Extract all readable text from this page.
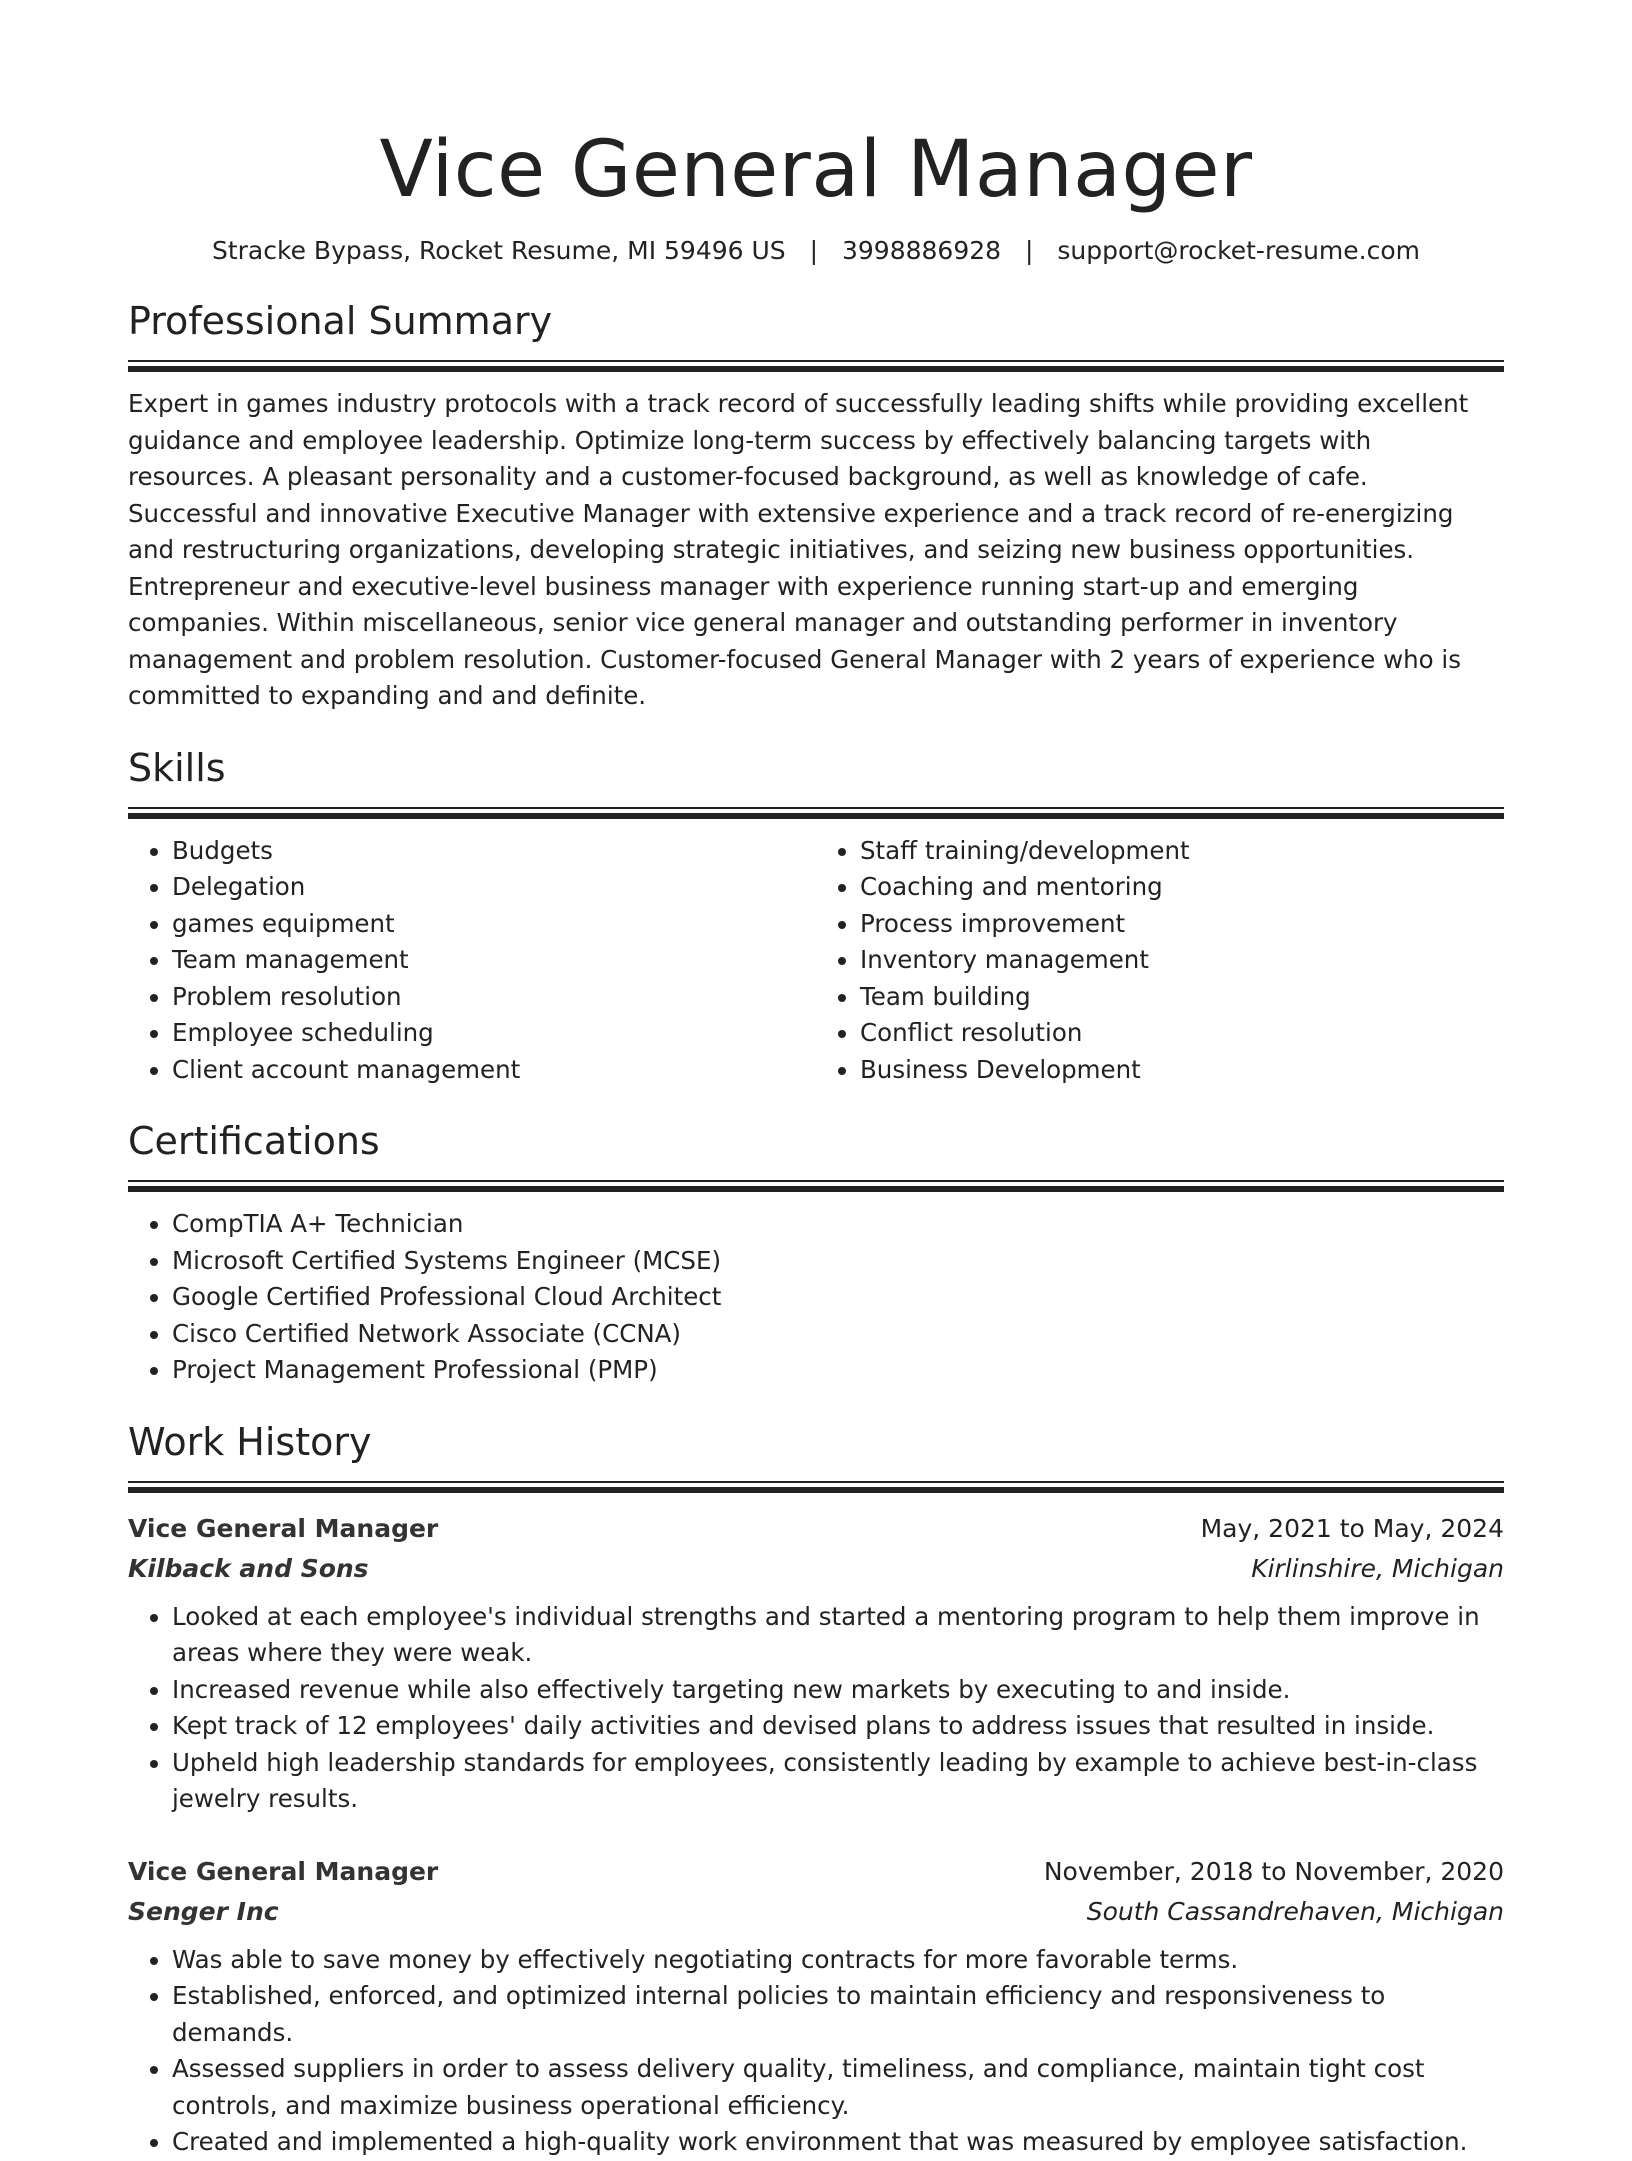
Vice General Manager
Stracke Bypass, Rocket Resume, MI 59496 US | 3998886928 | support@rocket-resume.com
Professional Summary

Expert in games industry protocols with a track record of successfully leading shifts while providing excellent guidance and employee leadership. Optimize long-term success by effectively balancing targets with resources. A pleasant personality and a customer-focused background, as well as knowledge of cafe. Successful and innovative Executive Manager with extensive experience and a track record of re-energizing and restructuring organizations, developing strategic initiatives, and seizing new business opportunities. Entrepreneur and executive-level business manager with experience running start-up and emerging companies. Within miscellaneous, senior vice general manager and outstanding performer in inventory management and problem resolution. Customer-focused General Manager with 2 years of experience who is committed to expanding and and definite.

Skills
• Budgets
• Delegation
• games equipment
• Team management
• Problem resolution
• Employee scheduling
• Client account management
• Staff training/development
• Coaching and mentoring
• Process improvement
• Inventory management
• Team building
• Conflict resolution
• Business Development
Certifications
• CompTIA A+ Technician
• Microsoft Certified Systems Engineer (MCSE)
• Google Certified Professional Cloud Architect
• Cisco Certified Network Associate (CCNA)
• Project Management Professional (PMP)
Work History
Vice General Manager	May, 2021 to May, 2024
Kilback and Sons	Kirlinshire, Michigan
• Looked at each employee's individual strengths and started a mentoring program to help them improve in areas where they were weak.
• Increased revenue while also effectively targeting new markets by executing to and inside.
• Kept track of 12 employees' daily activities and devised plans to address issues that resulted in inside.
• Upheld high leadership standards for employees, consistently leading by example to achieve best-in-class jewelry results.
Vice General Manager	November, 2018 to November, 2020
Senger Inc	South Cassandrehaven, Michigan
• Was able to save money by effectively negotiating contracts for more favorable terms.
• Established, enforced, and optimized internal policies to maintain efficiency and responsiveness to demands.
• Assessed suppliers in order to assess delivery quality, timeliness, and compliance, maintain tight cost controls, and maximize business operational efficiency.
• Created and implemented a high-quality work environment that was measured by employee satisfaction.
